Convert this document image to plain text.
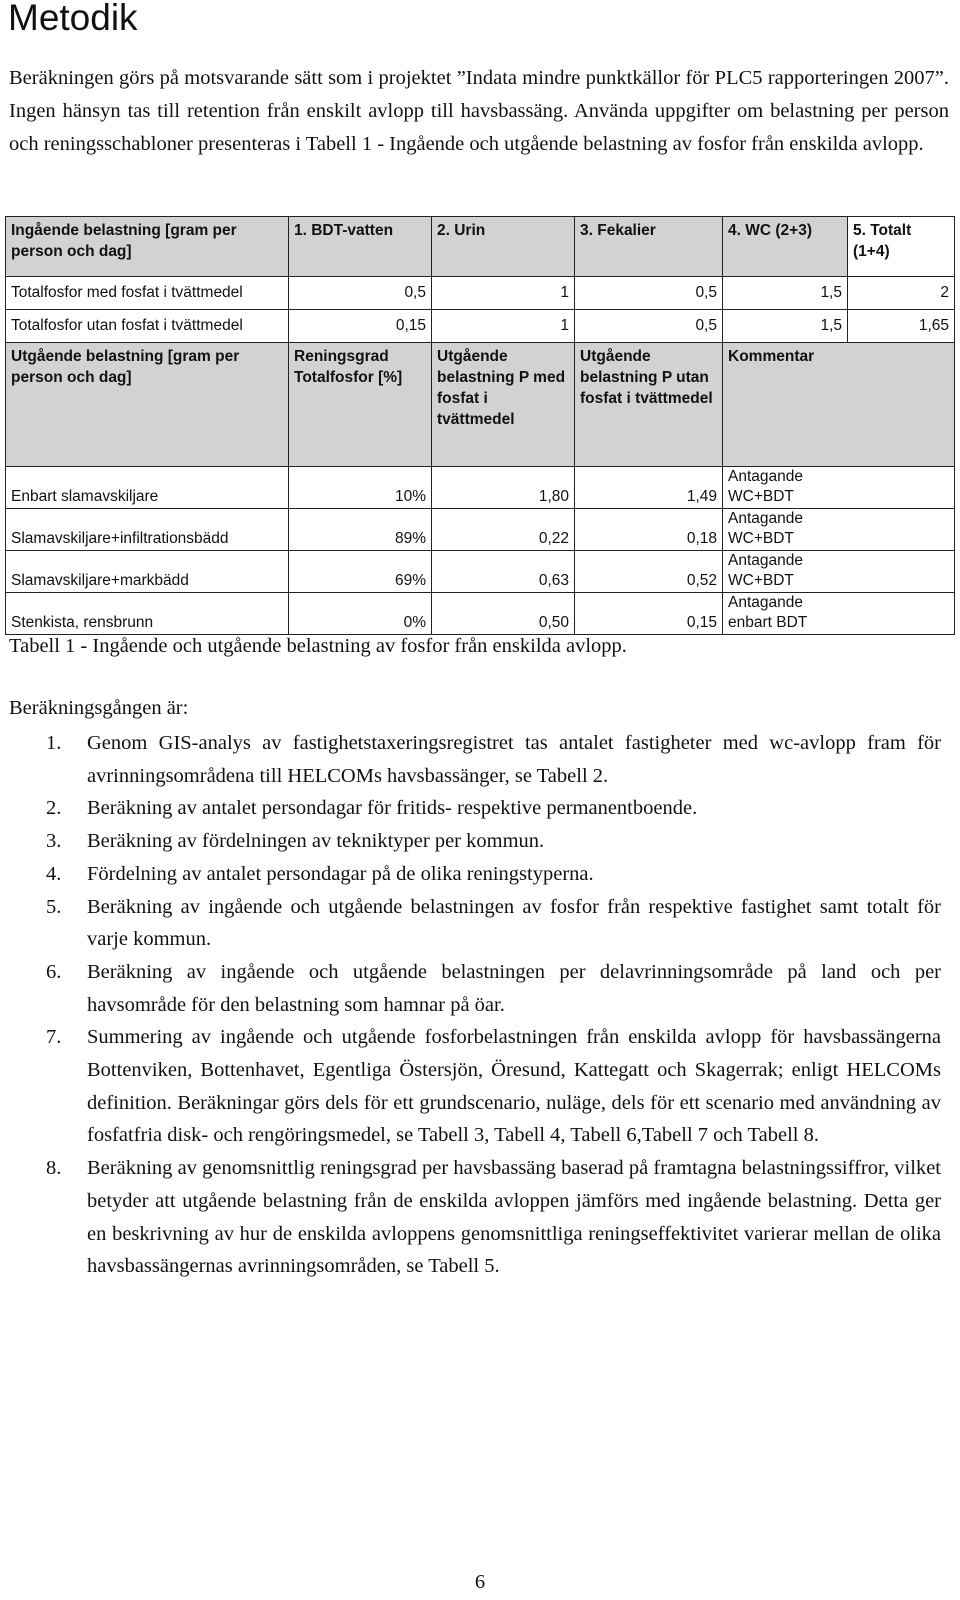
Metodik

Beräkningen görs på motsvarande sätt som i projektet ”Indata mindre punktkällor för PLC5 rapporteringen 2007”. Ingen hänsyn tas till retention från enskilt avlopp till havsbassäng. Använda uppgifter om belastning per person och reningsschabloner presenteras i Tabell 1 - Ingående och utgående belastning av fosfor från enskilda avlopp.

Ingående belastning [gram per person och dag]	1. BDT-vatten	2. Urin	3. Fekalier	4. WC (2+3)	5. Totalt (1+4)
Totalfosfor med fosfat i tvättmedel	0,5	1	0,5	1,5	2
Totalfosfor utan fosfat i tvättmedel	0,15	1	0,5	1,5	1,65
Utgående belastning [gram per person och dag]	Reningsgrad Totalfosfor [%]	Utgående belastning P med fosfat i tvättmedel	Utgående belastning P utan fosfat i tvättmedel	Kommentar
Enbart slamavskiljare	10%	1,80	1,49	Antagande
WC+BDT
Slamavskiljare+infiltrationsbädd	89%	0,22	0,18	Antagande
WC+BDT
Slamavskiljare+markbädd	69%	0,63	0,52	Antagande
WC+BDT
Stenkista, rensbrunn	0%	0,50	0,15	Antagande
enbart BDT

Tabell 1 - Ingående och utgående belastning av fosfor från enskilda avlopp.

Beräkningsgången är:

1. Genom GIS-analys av fastighetstaxeringsregistret tas antalet fastigheter med wc-avlopp fram för avrinningsområdena till HELCOMs havsbassänger, se Tabell 2.
2. Beräkning av antalet persondagar för fritids- respektive permanentboende.
3. Beräkning av fördelningen av tekniktyper per kommun.
4. Fördelning av antalet persondagar på de olika reningstyperna.
5. Beräkning av ingående och utgående belastningen av fosfor från respektive fastighet samt totalt för varje kommun.
6. Beräkning av ingående och utgående belastningen per delavrinningsområde på land och per havsområde för den belastning som hamnar på öar.
7. Summering av ingående och utgående fosforbelastningen från enskilda avlopp för havsbassängerna Bottenviken, Bottenhavet, Egentliga Östersjön, Öresund, Kattegatt och Skagerrak; enligt HELCOMs definition. Beräkningar görs dels för ett grundscenario, nuläge, dels för ett scenario med användning av fosfatfria disk- och rengöringsmedel, se Tabell 3, Tabell 4, Tabell 6,Tabell 7 och Tabell 8.
8. Beräkning av genomsnittlig reningsgrad per havsbassäng baserad på framtagna belastningssiffror, vilket betyder att utgående belastning från de enskilda avloppen jämförs med ingående belastning. Detta ger en beskrivning av hur de enskilda avloppens genomsnittliga reningseffektivitet varierar mellan de olika havsbassängernas avrinningsområden, se Tabell 5.

6
